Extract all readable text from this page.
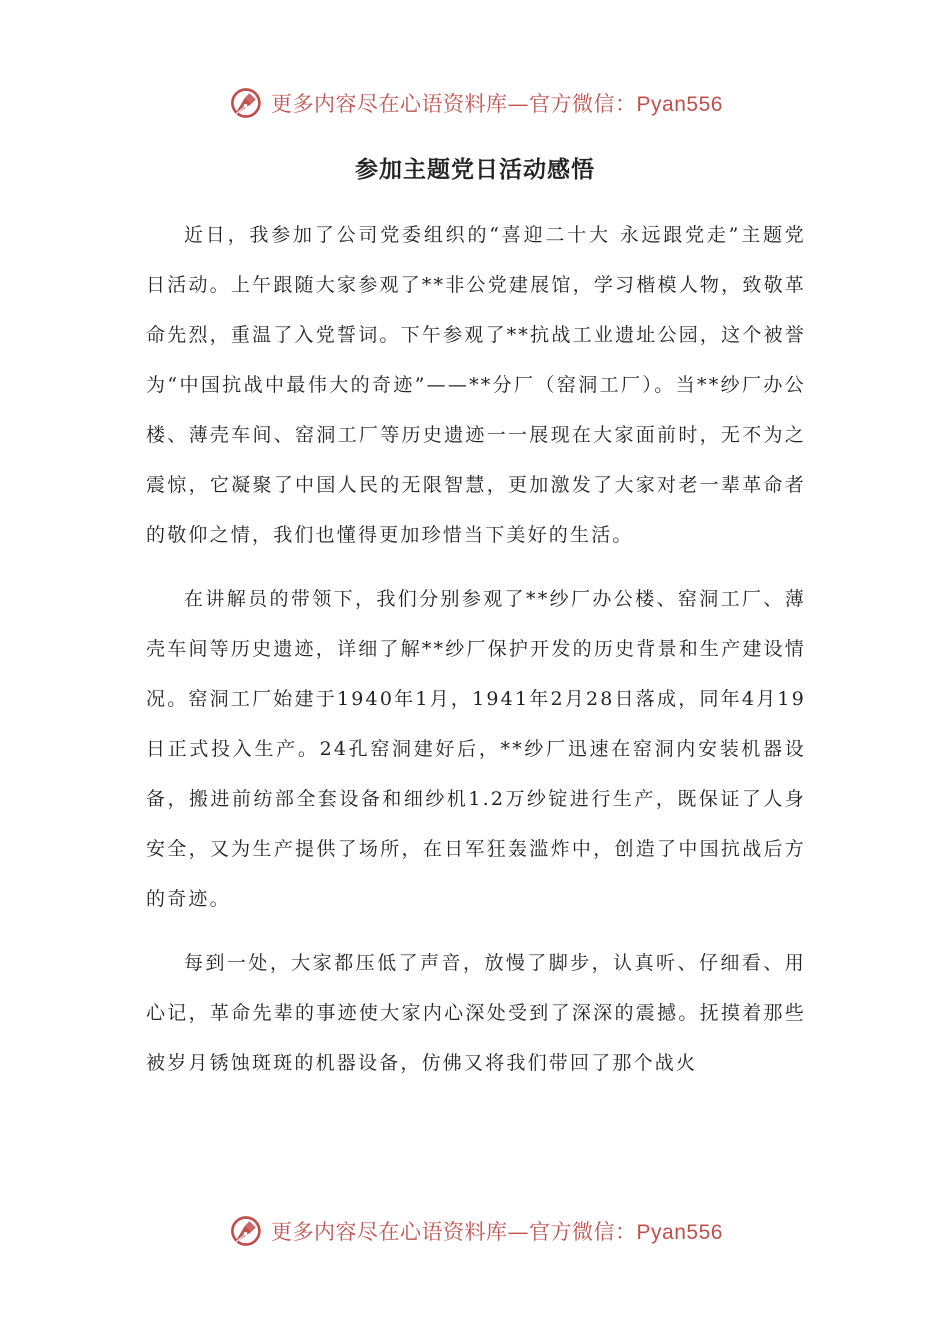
更多内容尽在心语资料库—官方微信：Pyan556
参加主题党日活动感悟

近日，我参加了公司党委组织的“喜迎二十大 永远跟党走”主题党日活动。上午跟随大家参观了**非公党建展馆，学习楷模人物，致敬革命先烈，重温了入党誓词。下午参观了**抗战工业遗址公园，这个被誉为“中国抗战中最伟大的奇迹”——**分厂（窑洞工厂）。当**纱厂办公楼、薄壳车间、窑洞工厂等历史遗迹一一展现在大家面前时，无不为之震惊，它凝聚了中国人民的无限智慧，更加激发了大家对老一辈革命者的敬仰之情，我们也懂得更加珍惜当下美好的生活。

在讲解员的带领下，我们分别参观了**纱厂办公楼、窑洞工厂、薄壳车间等历史遗迹，详细了解**纱厂保护开发的历史背景和生产建设情况。窑洞工厂始建于1940年1月，1941年2月28日落成，同年4月19日正式投入生产。24孔窑洞建好后，**纱厂迅速在窑洞内安装机器设备，搬进前纺部全套设备和细纱机1.2万纱锭进行生产，既保证了人身安全，又为生产提供了场所，在日军狂轰滥炸中，创造了中国抗战后方的奇迹。

每到一处，大家都压低了声音，放慢了脚步，认真听、仔细看、用心记，革命先辈的事迹使大家内心深处受到了深深的震撼。抚摸着那些被岁月锈蚀斑斑的机器设备，仿佛又将我们带回了那个战火

更多内容尽在心语资料库—官方微信：Pyan556
